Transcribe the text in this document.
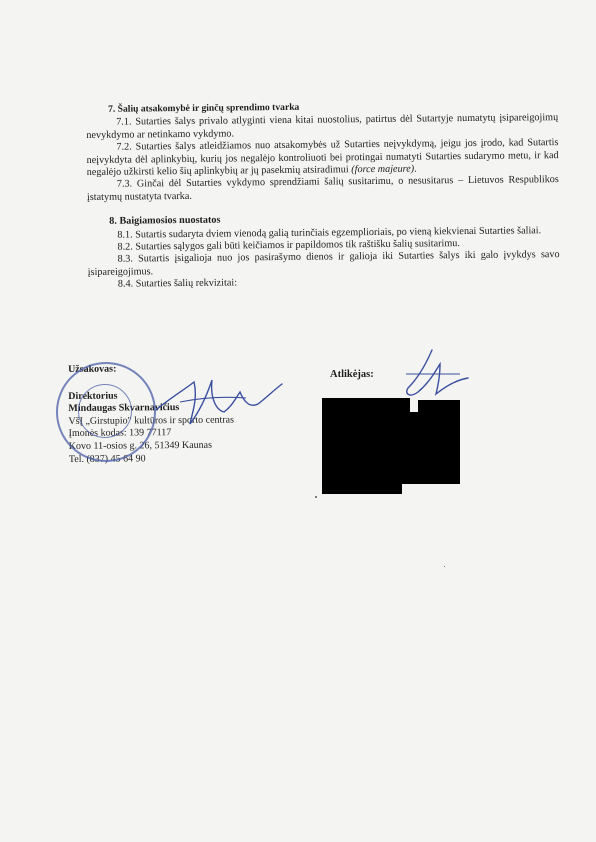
7. Šalių atsakomybė ir ginčų sprendimo tvarka

7.1. Sutarties šalys privalo atlyginti viena kitai nuostolius, patirtus dėl Sutartyje numatytų įsipareigojimų nevykdymo ar netinkamo vykdymo.

7.2. Sutarties šalys atleidžiamos nuo atsakomybės už Sutarties neįvykdymą, jeigu jos įrodo, kad Sutartis neįvykdyta dėl aplinkybių, kurių jos negalėjo kontroliuoti bei protingai numatyti Sutarties sudarymo metu, ir kad negalėjo užkirsti kelio šių aplinkybių ar jų pasekmių atsiradimui (force majeure).

7.3. Ginčai dėl Sutarties vykdymo sprendžiami šalių susitarimu, o nesusitarus – Lietuvos Respublikos įstatymų nustatyta tvarka.

8. Baigiamosios nuostatos

8.1. Sutartis sudaryta dviem vienodą galią turinčiais egzemplioriais, po vieną kiekvienai Sutarties šaliai.

8.2. Sutarties sąlygos gali būti keičiamos ir papildomos tik raštišku šalių susitarimu.

8.3. Sutartis įsigalioja nuo jos pasirašymo dienos ir galioja iki Sutarties šalys iki galo įvykdys savo įsipareigojimus.

8.4. Sutarties šalių rekvizitai:

Užsakovas:
Direktorius
Mindaugas Skvarnavičius
VšĮ „Girstupio" kultūros ir sporto centras
Įmonės kodas: 139 77117
Kovo 11-osios g. 26, 51349 Kaunas
Tel. (837) 45 64 90
Atlikėjas:
